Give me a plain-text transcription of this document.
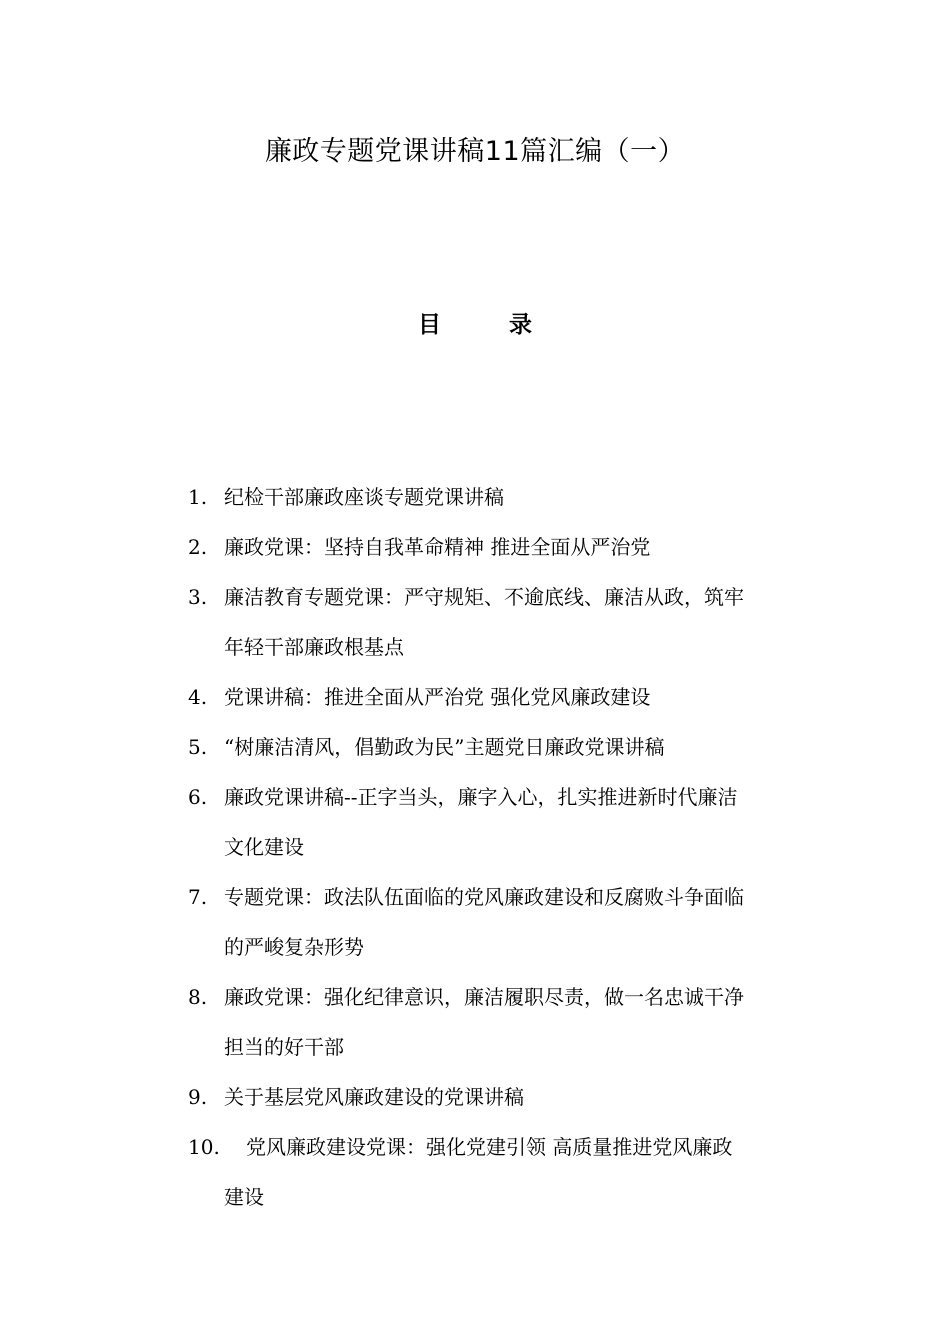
廉政专题党课讲稿11篇汇编（一）
目 录
1. 纪检干部廉政座谈专题党课讲稿
2. 廉政党课：坚持自我革命精神 推进全面从严治党
3. 廉洁教育专题党课：严守规矩、不逾底线、廉洁从政，筑牢
年轻干部廉政根基点
4. 党课讲稿：推进全面从严治党 强化党风廉政建设
5. “树廉洁清风，倡勤政为民”主题党日廉政党课讲稿
6. 廉政党课讲稿--正字当头，廉字入心，扎实推进新时代廉洁
文化建设
7. 专题党课：政法队伍面临的党风廉政建设和反腐败斗争面临
的严峻复杂形势
8. 廉政党课：强化纪律意识，廉洁履职尽责，做一名忠诚干净
担当的好干部
9. 关于基层党风廉政建设的党课讲稿
10. 党风廉政建设党课：强化党建引领 高质量推进党风廉政
建设
